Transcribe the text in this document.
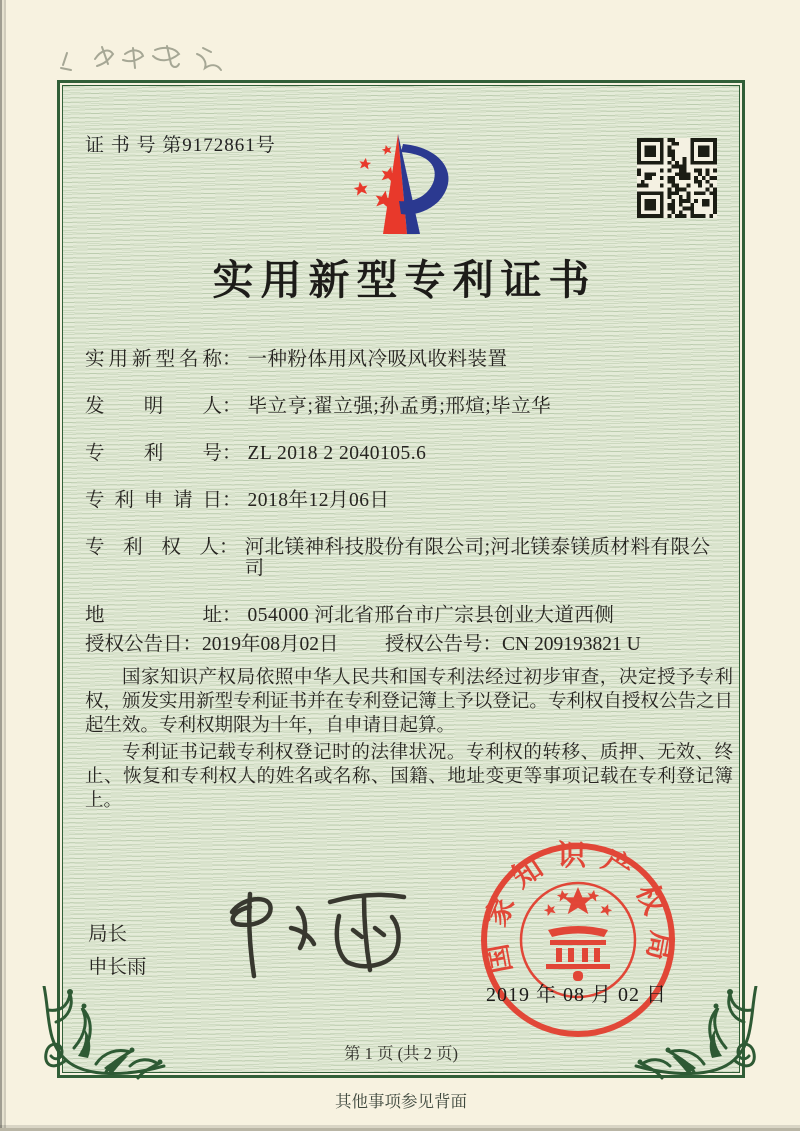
证 书 号 第9172861号
实用新型专利证书
实用新型名称 ： 一种粉体用风冷吸风收料装置
发明人 ： 毕立亨;翟立强;孙孟勇;邢煊;毕立华
专利号 ： ZL 2018 2 2040105.6
专利申请日 ： 2018年12月06日
专利权人 ： 河北镁神科技股份有限公司;河北镁泰镁质材料有限公司
地址 ： 054000 河北省邢台市广宗县创业大道西侧
授权公告日：2019年08月02日 授权公告号：CN 209193821 U

国家知识产权局依照中华人民共和国专利法经过初步审查，决定授予专利权，颁发实用新型专利证书并在专利登记簿上予以登记。专利权自授权公告之日起生效。专利权期限为十年，自申请日起算。

专利证书记载专利权登记时的法律状况。专利权的转移、质押、无效、终止、恢复和专利权人的姓名或名称、国籍、地址变更等事项记载在专利登记簿上。

局长
申长雨	国家知识产权局
2019 年 08 月 02 日
第 1 页 (共 2 页)
其他事项参见背面
